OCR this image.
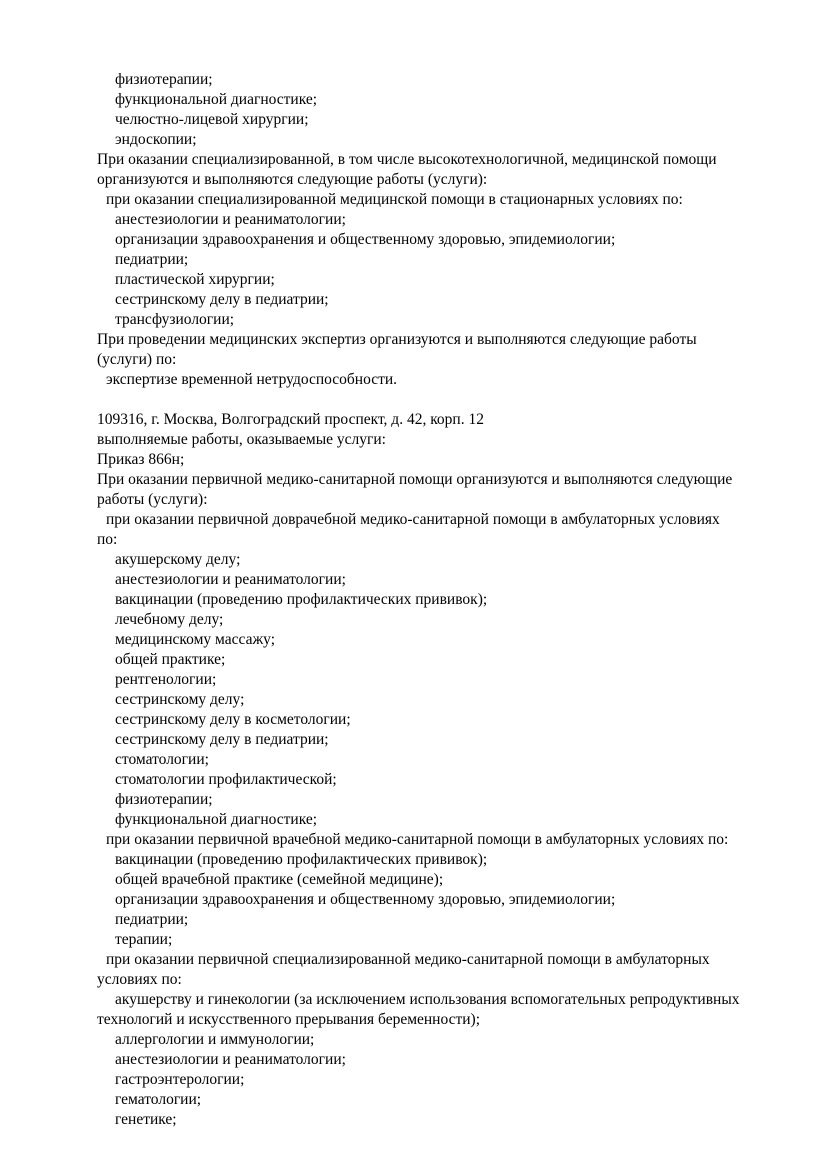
физиотерапии;
функциональной диагностике;
челюстно-лицевой хирургии;
эндоскопии;
При оказании специализированной, в том числе высокотехнологичной, медицинской помощи
организуются и выполняются следующие работы (услуги):
при оказании специализированной медицинской помощи в стационарных условиях по:
анестезиологии и реаниматологии;
организации здравоохранения и общественному здоровью, эпидемиологии;
педиатрии;
пластической хирургии;
сестринскому делу в педиатрии;
трансфузиологии;
При проведении медицинских экспертиз организуются и выполняются следующие работы
(услуги) по:
экспертизе временной нетрудоспособности.
109316, г. Москва, Волгоградский проспект, д. 42, корп. 12
выполняемые работы, оказываемые услуги:
Приказ 866н;
При оказании первичной медико-санитарной помощи организуются и выполняются следующие
работы (услуги):
при оказании первичной доврачебной медико-санитарной помощи в амбулаторных условиях
по:
акушерскому делу;
анестезиологии и реаниматологии;
вакцинации (проведению профилактических прививок);
лечебному делу;
медицинскому массажу;
общей практике;
рентгенологии;
сестринскому делу;
сестринскому делу в косметологии;
сестринскому делу в педиатрии;
стоматологии;
стоматологии профилактической;
физиотерапии;
функциональной диагностике;
при оказании первичной врачебной медико-санитарной помощи в амбулаторных условиях по:
вакцинации (проведению профилактических прививок);
общей врачебной практике (семейной медицине);
организации здравоохранения и общественному здоровью, эпидемиологии;
педиатрии;
терапии;
при оказании первичной специализированной медико-санитарной помощи в амбулаторных
условиях по:
акушерству и гинекологии (за исключением использования вспомогательных репродуктивных
технологий и искусственного прерывания беременности);
аллергологии и иммунологии;
анестезиологии и реаниматологии;
гастроэнтерологии;
гематологии;
генетике;
